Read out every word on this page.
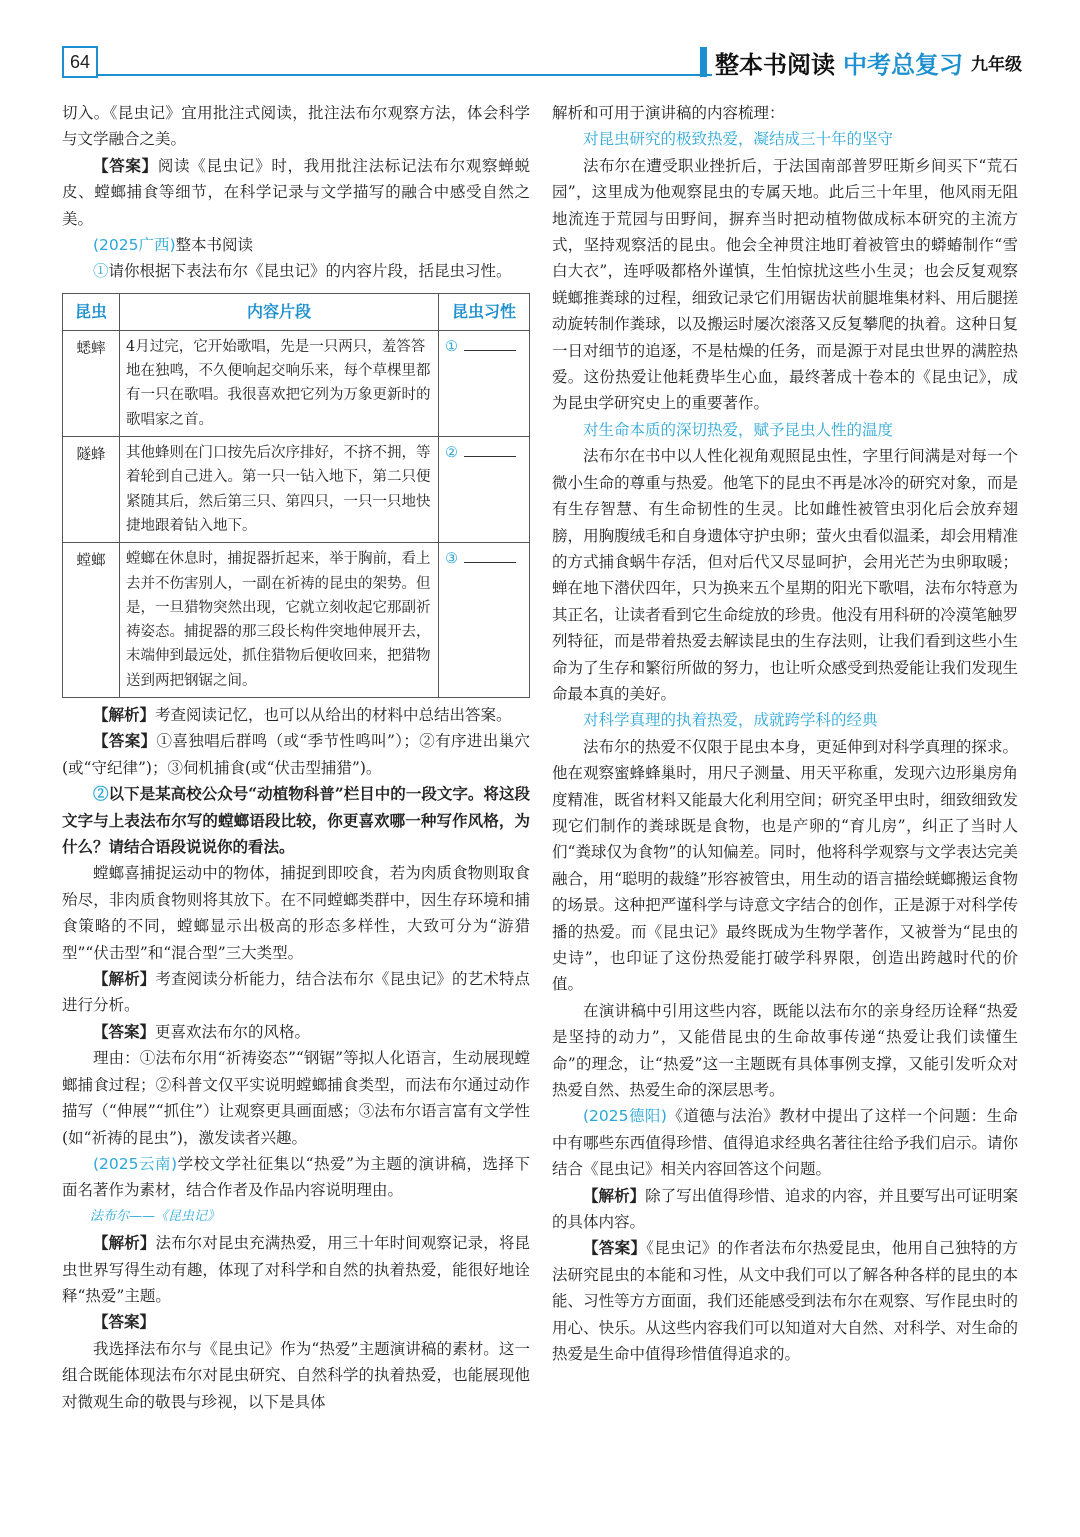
64	整本书阅读 中考总复习 九年级

切入。《昆虫记》宜用批注式阅读，批注法布尔观察方法，体会科学与文学融合之美。

【答案】阅读《昆虫记》时，我用批注法标记法布尔观察蝉蜕皮、螳螂捕食等细节，在科学记录与文学描写的融合中感受自然之美。

(2025广西)整本书阅读

①请你根据下表法布尔《昆虫记》的内容片段，括昆虫习性。

昆虫	内容片段	昆虫习性
蟋蟀	4月过完，它开始歌唱，先是一只两只，羞答答地在独鸣，不久便响起交响乐来，每个草棵里都有一只在歌唱。我很喜欢把它列为万象更新时的歌唱家之首。	①
隧蜂	其他蜂则在门口按先后次序排好，不挤不拥，等着轮到自己进入。第一只一钻入地下，第二只便紧随其后，然后第三只、第四只，一只一只地快捷地跟着钻入地下。	②
螳螂	螳螂在休息时，捕捉器折起来，举于胸前，看上去并不伤害别人，一副在祈祷的昆虫的架势。但是，一旦猎物突然出现，它就立刻收起它那副祈祷姿态。捕捉器的那三段长构件突地伸展开去，末端伸到最远处，抓住猎物后便收回来，把猎物送到两把钢锯之间。	③

【解析】考查阅读记忆，也可以从给出的材料中总结出答案。

【答案】①喜独唱后群鸣（或“季节性鸣叫”）；②有序进出巢穴(或“守纪律”)；③伺机捕食(或“伏击型捕猎”)。

②以下是某高校公众号“动植物科普”栏目中的一段文字。将这段文字与上表法布尔写的螳螂语段比较，你更喜欢哪一种写作风格，为什么？请结合语段说说你的看法。

螳螂喜捕捉运动中的物体，捕捉到即咬食，若为肉质食物则取食殆尽，非肉质食物则将其放下。在不同螳螂类群中，因生存环境和捕食策略的不同，螳螂显示出极高的形态多样性，大致可分为“游猎型”“伏击型”和“混合型”三大类型。

【解析】考查阅读分析能力，结合法布尔《昆虫记》的艺术特点进行分析。

【答案】更喜欢法布尔的风格。

理由：①法布尔用“祈祷姿态”“钢锯”等拟人化语言，生动展现螳螂捕食过程；②科普文仅平实说明螳螂捕食类型，而法布尔通过动作描写（“伸展”“抓住”）让观察更具画面感；③法布尔语言富有文学性(如“祈祷的昆虫”)，激发读者兴趣。

(2025云南)学校文学社征集以“热爱”为主题的演讲稿，选择下面名著作为素材，结合作者及作品内容说明理由。

法布尔——《昆虫记》

【解析】法布尔对昆虫充满热爱，用三十年时间观察记录，将昆虫世界写得生动有趣，体现了对科学和自然的执着热爱，能很好地诠释“热爱”主题。

【答案】

我选择法布尔与《昆虫记》作为“热爱”主题演讲稿的素材。这一组合既能体现法布尔对昆虫研究、自然科学的执着热爱，也能展现他对微观生命的敬畏与珍视，以下是具体

解析和可用于演讲稿的内容梳理：

对昆虫研究的极致热爱，凝结成三十年的坚守

法布尔在遭受职业挫折后，于法国南部普罗旺斯乡间买下“荒石园”，这里成为他观察昆虫的专属天地。此后三十年里，他风雨无阻地流连于荒园与田野间，摒弃当时把动植物做成标本研究的主流方式，坚持观察活的昆虫。他会全神贯注地盯着被管虫的蟒蝽制作“雪白大衣”，连呼吸都格外谨慎，生怕惊扰这些小生灵；也会反复观察蜣螂推粪球的过程，细致记录它们用锯齿状前腿堆集材料、用后腿搓动旋转制作粪球，以及搬运时屡次滚落又反复攀爬的执着。这种日复一日对细节的追逐，不是枯燥的任务，而是源于对昆虫世界的满腔热爱。这份热爱让他耗费毕生心血，最终著成十卷本的《昆虫记》，成为昆虫学研究史上的重要著作。

对生命本质的深切热爱，赋予昆虫人性的温度

法布尔在书中以人性化视角观照昆虫性，字里行间满是对每一个微小生命的尊重与热爱。他笔下的昆虫不再是冰冷的研究对象，而是有生存智慧、有生命韧性的生灵。比如雌性被管虫羽化后会放弃翅膀，用胸腹绒毛和自身遗体守护虫卵；萤火虫看似温柔，却会用精准的方式捕食蜗牛存活，但对后代又尽显呵护，会用光芒为虫卵取暖；蝉在地下潜伏四年，只为换来五个星期的阳光下歌唱，法布尔特意为其正名，让读者看到它生命绽放的珍贵。他没有用科研的冷漠笔触罗列特征，而是带着热爱去解读昆虫的生存法则，让我们看到这些小生命为了生存和繁衍所做的努力，也让听众感受到热爱能让我们发现生命最本真的美好。

对科学真理的执着热爱，成就跨学科的经典

法布尔的热爱不仅限于昆虫本身，更延伸到对科学真理的探求。他在观察蜜蜂蜂巢时，用尺子测量、用天平称重，发现六边形巢房角度精准，既省材料又能最大化利用空间；研究圣甲虫时，细致细致发现它们制作的粪球既是食物，也是产卵的“育儿房”，纠正了当时人们“粪球仅为食物”的认知偏差。同时，他将科学观察与文学表达完美融合，用“聪明的裁缝”形容被管虫，用生动的语言描绘蜣螂搬运食物的场景。这种把严谨科学与诗意文字结合的创作，正是源于对科学传播的热爱。而《昆虫记》最终既成为生物学著作，又被誉为“昆虫的史诗”，也印证了这份热爱能打破学科界限，创造出跨越时代的价值。

在演讲稿中引用这些内容，既能以法布尔的亲身经历诠释“热爱是坚持的动力”，又能借昆虫的生命故事传递“热爱让我们读懂生命”的理念，让“热爱”这一主题既有具体事例支撑，又能引发听众对热爱自然、热爱生命的深层思考。

(2025德阳)《道德与法治》教材中提出了这样一个问题：生命中有哪些东西值得珍惜、值得追求经典名著往往给予我们启示。请你结合《昆虫记》相关内容回答这个问题。

【解析】除了写出值得珍惜、追求的内容，并且要写出可证明案的具体内容。

【答案】《昆虫记》的作者法布尔热爱昆虫，他用自己独特的方法研究昆虫的本能和习性，从文中我们可以了解各种各样的昆虫的本能、习性等方方面面，我们还能感受到法布尔在观察、写作昆虫时的用心、快乐。从这些内容我们可以知道对大自然、对科学、对生命的热爱是生命中值得珍惜值得追求的。
